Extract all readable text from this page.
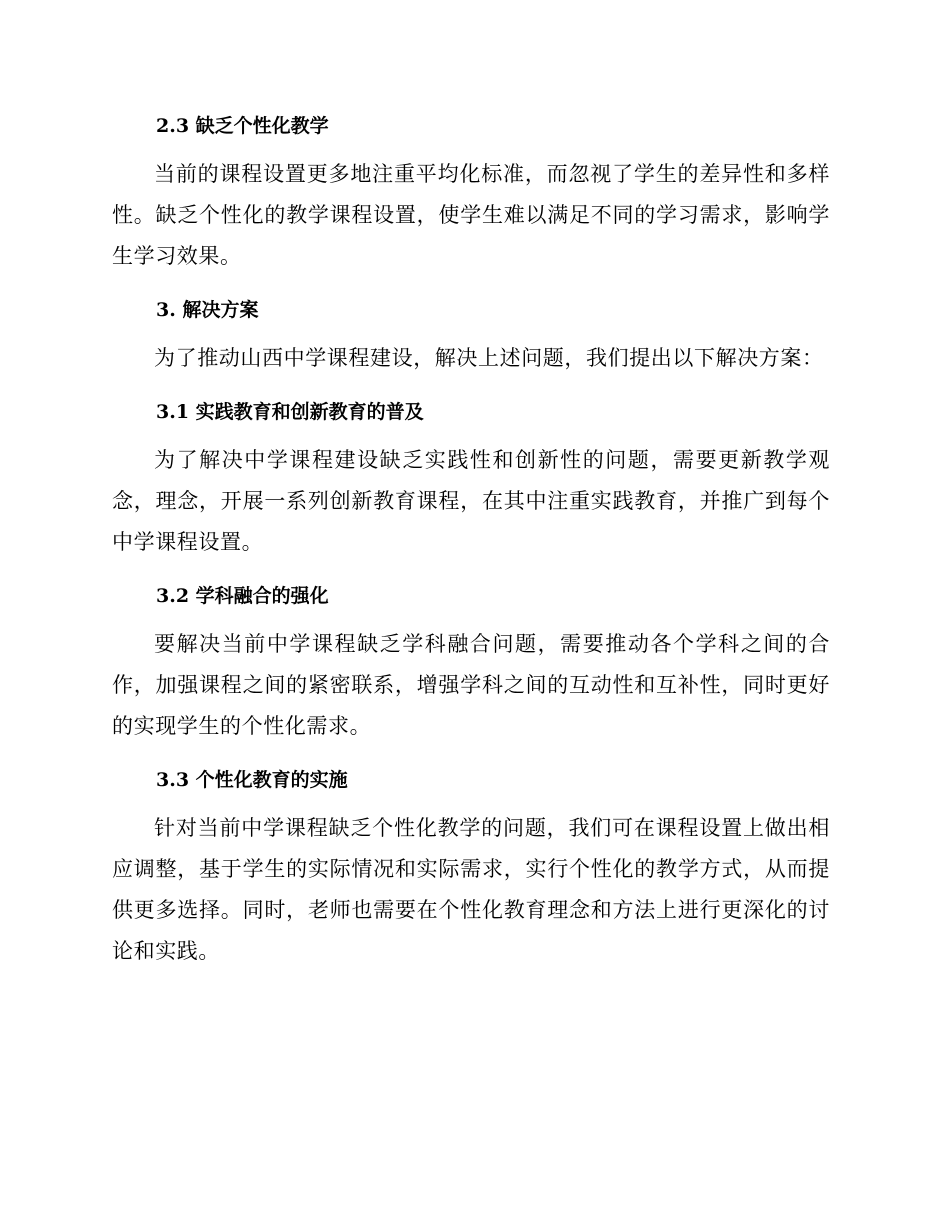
2.3 缺乏个性化教学

当前的课程设置更多地注重平均化标准，而忽视了学生的差异性和多样性。缺乏个性化的教学课程设置，使学生难以满足不同的学习需求，影响学生学习效果。

3. 解决方案

为了推动山西中学课程建设，解决上述问题，我们提出以下解决方案：

3.1 实践教育和创新教育的普及

为了解决中学课程建设缺乏实践性和创新性的问题，需要更新教学观念，理念，开展一系列创新教育课程，在其中注重实践教育，并推广到每个中学课程设置。

3.2 学科融合的强化

要解决当前中学课程缺乏学科融合问题，需要推动各个学科之间的合作，加强课程之间的紧密联系，增强学科之间的互动性和互补性，同时更好的实现学生的个性化需求。

3.3 个性化教育的实施

针对当前中学课程缺乏个性化教学的问题，我们可在课程设置上做出相应调整，基于学生的实际情况和实际需求，实行个性化的教学方式，从而提供更多选择。同时，老师也需要在个性化教育理念和方法上进行更深化的讨论和实践。
